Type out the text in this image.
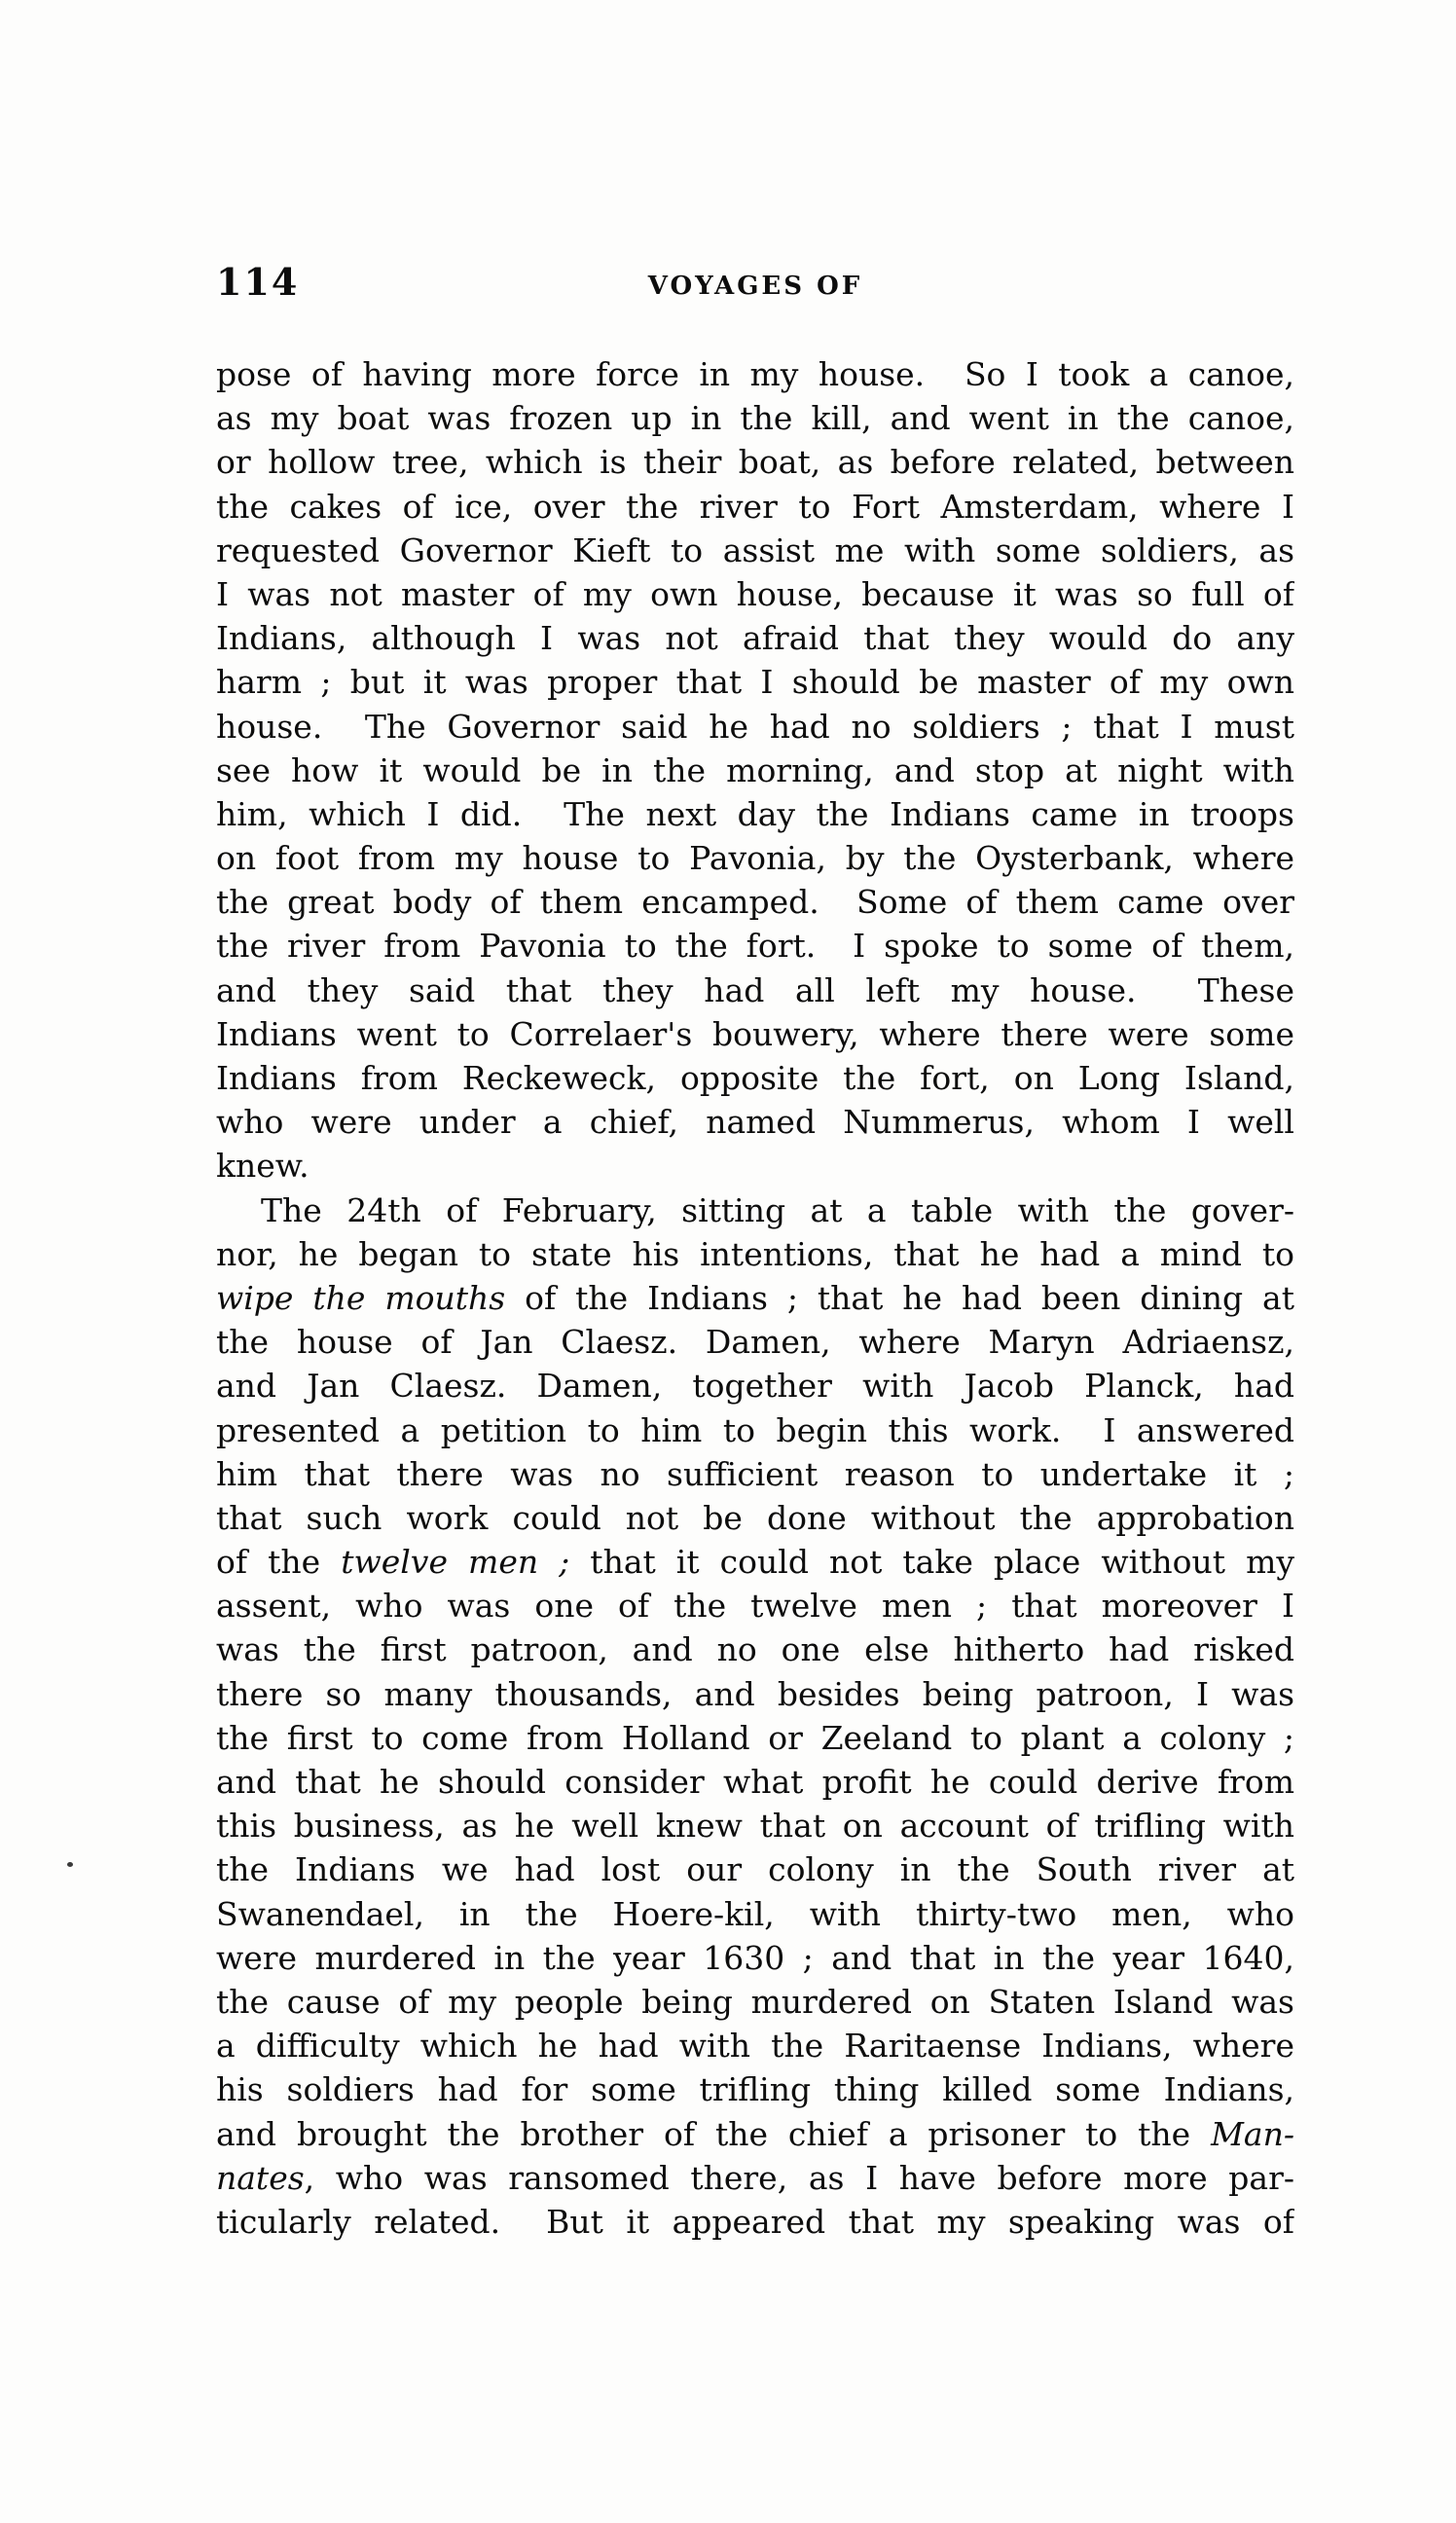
114	VOYAGES OF
pose of having more force in my house.  So I took a canoe,
as my boat was frozen up in the kill, and went in the canoe,
or hollow tree, which is their boat, as before related, between
the cakes of ice, over the river to Fort Amsterdam, where I
requested Governor Kieft to assist me with some soldiers, as
I was not master of my own house, because it was so full of
Indians, although I was not afraid that they would do any
harm ; but it was proper that I should be master of my own
house.  The Governor said he had no soldiers ; that I must
see how it would be in the morning, and stop at night with
him, which I did.  The next day the Indians came in troops
on foot from my house to Pavonia, by the Oysterbank, where
the great body of them encamped.  Some of them came over
the river from Pavonia to the fort.  I spoke to some of them,
and they said that they had all left my house.  These
Indians went to Correlaer's bouwery, where there were some
Indians from Reckeweck, opposite the fort, on Long Island,
who were under a chief, named Nummerus, whom I well
knew.
The 24th of February, sitting at a table with the gover-
nor, he began to state his intentions, that he had a mind to
wipe the mouths of the Indians ; that he had been dining at
the house of Jan Claesz. Damen, where Maryn Adriaensz,
and Jan Claesz. Damen, together with Jacob Planck, had
presented a petition to him to begin this work.  I answered
him that there was no sufficient reason to undertake it ;
that such work could not be done without the approbation
of the twelve men ; that it could not take place without my
assent, who was one of the twelve men ; that moreover I
was the first patroon, and no one else hitherto had risked
there so many thousands, and besides being patroon, I was
the first to come from Holland or Zeeland to plant a colony ;
and that he should consider what profit he could derive from
this business, as he well knew that on account of trifling with
the Indians we had lost our colony in the South river at
Swanendael, in the Hoere-kil, with thirty-two men, who
were murdered in the year 1630 ; and that in the year 1640,
the cause of my people being murdered on Staten Island was
a difficulty which he had with the Raritaense Indians, where
his soldiers had for some trifling thing killed some Indians,
and brought the brother of the chief a prisoner to the Man-
nates, who was ransomed there, as I have before more par-
ticularly related.  But it appeared that my speaking was of
